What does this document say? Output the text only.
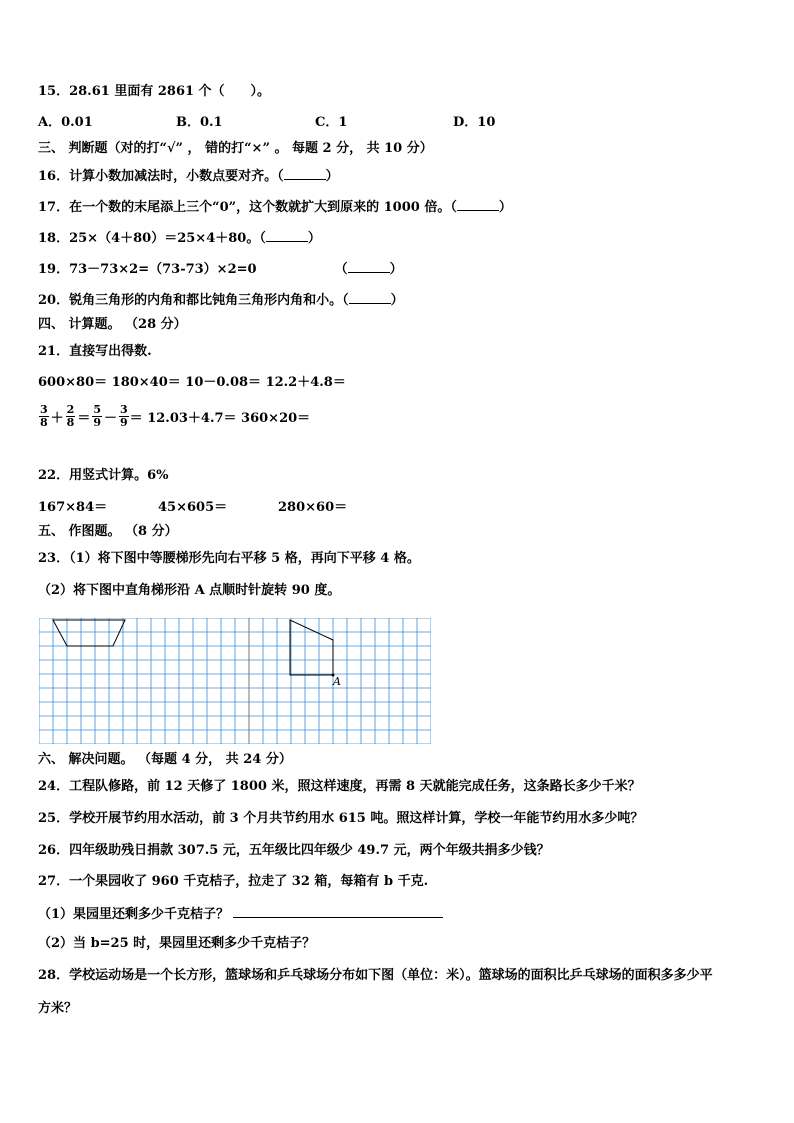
15．28.61 里面有 2861 个（　　）。
A．0.01	B．0.1	C．1	D．10
三、 判断题（对的打“√” ， 错的打“×” 。 每题 2 分， 共 10 分）
16．计算小数加减法时，小数点要对齐。（	）
17．在一个数的末尾添上三个“0”，这个数就扩大到原来的 1000 倍。（	）
18．25×（4＋80）＝25×4＋80。（	）
19．73－73×2=（73-73）×2=0	（	）
20．锐角三角形的内角和都比钝角三角形内角和小。（	）
四、 计算题。 （28 分）
21．直接写出得数.
600×80＝ 180×40＝ 10－0.08＝ 12.2＋4.8＝
$\frac{3}{8} + \frac{2}{8} = \frac{5}{9} - \frac{3}{9} = 12.03+4.7= 360\times 20=$
22．用竖式计算。6%
167×84＝	45×605＝	280×60＝
五、 作图题。 （8 分）
23．（1）将下图中等腰梯形先向右平移 5 格，再向下平移 4 格。
（2）将下图中直角梯形沿 A 点顺时针旋转 90 度。
A
六、 解决问题。 （每题 4 分， 共 24 分）
24．工程队修路，前 12 天修了 1800 米，照这样速度，再需 8 天就能完成任务，这条路长多少千米？
25．学校开展节约用水活动，前 3 个月共节约用水 615 吨。照这样计算，学校一年能节约用水多少吨？
26．四年级助残日捐款 307.5 元，五年级比四年级少 49.7 元，两个年级共捐多少钱？
27．一个果园收了 960 千克桔子，拉走了 32 箱，每箱有 b 千克.
（1）果园里还剩多少千克桔子？
（2）当 b=25 时，果园里还剩多少千克桔子？
28．学校运动场是一个长方形，篮球场和乒乓球场分布如下图（单位：米）。篮球场的面积比乒乓球场的面积多多少平
方米？
